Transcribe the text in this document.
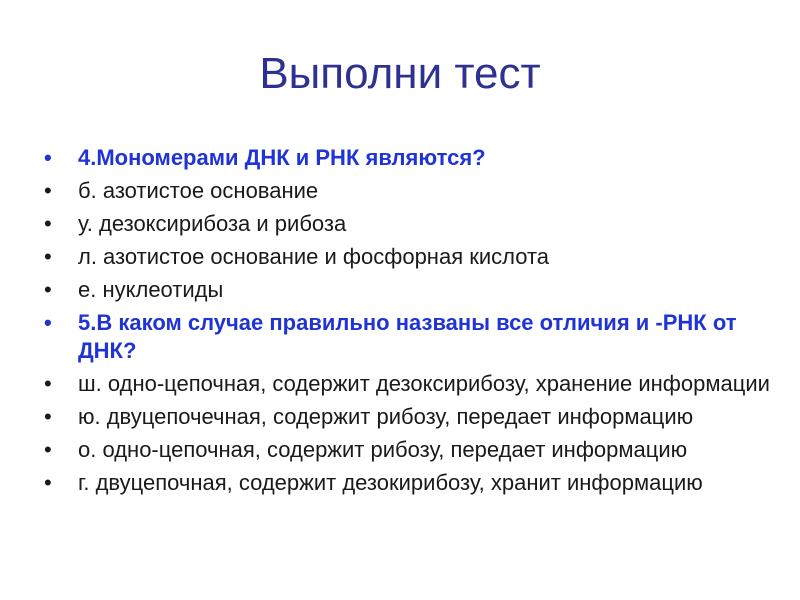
Выполни тест
•	4.Мономерами ДНК и РНК являются?
•	б. азотистое основание
•	у. дезоксирибоза и рибоза
•	л. азотистое основание и фосфорная кислота
•	е. нуклеотиды
•	5.В каком случае правильно названы все отличия и -РНК от ДНК?
•	ш. одно-цепочная, содержит дезоксирибозу, хранение информации
•	ю. двуцепочечная, содержит рибозу, передает информацию
•	о. одно-цепочная, содержит рибозу, передает информацию
•	г. двуцепочная, содержит дезокирибозу, хранит информацию
